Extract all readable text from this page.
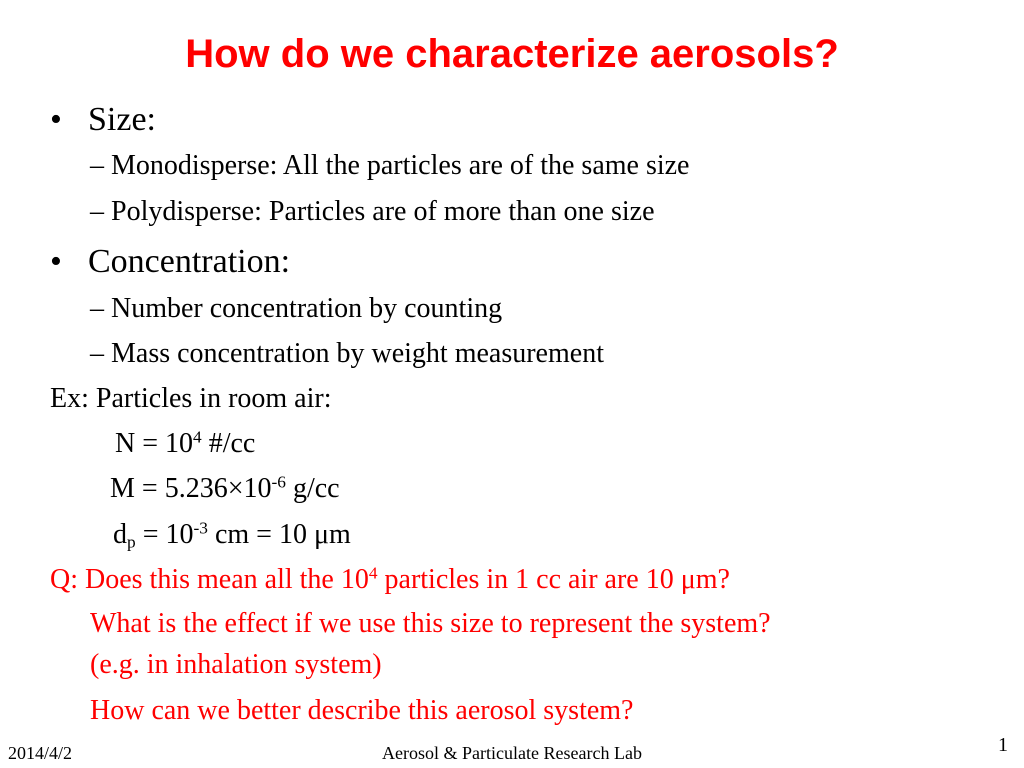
How do we characterize aerosols?
• Size:
– Monodisperse: All the particles are of the same size
– Polydisperse: Particles are of more than one size
• Concentration:
– Number concentration by counting
– Mass concentration by weight measurement
Ex: Particles in room air:
$N = 10^4$ #/cc
$M = 5.236\times 10^{-6}$ g/cc
$d_p = 10^{-3}$ cm = 10 μm
Q: Does this mean all the $10^4$ particles in 1 cc air are 10 μm?
What is the effect if we use this size to represent the system?
(e.g. in inhalation system)
How can we better describe this aerosol system?
2014/4/2	Aerosol & Particulate Research Lab	1
